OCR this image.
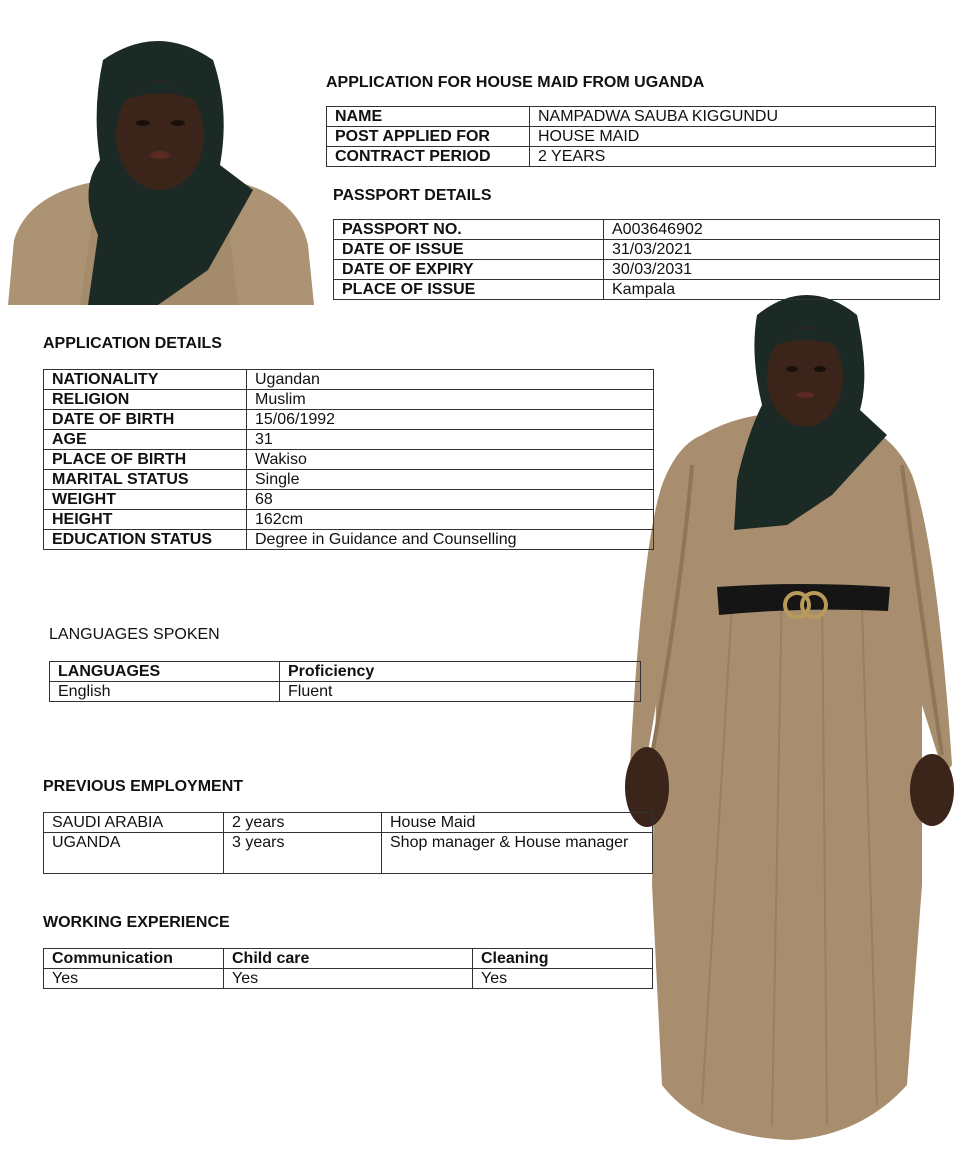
APPLICATION FOR HOUSE MAID FROM UGANDA
NAME	NAMPADWA SAUBA KIGGUNDU
POST APPLIED FOR	HOUSE MAID
CONTRACT PERIOD	2 YEARS
PASSPORT DETAILS
PASSPORT NO.	A003646902
DATE OF ISSUE	31/03/2021
DATE OF EXPIRY	30/03/2031
PLACE OF ISSUE	Kampala
APPLICATION DETAILS
NATIONALITY	Ugandan
RELIGION	Muslim
DATE OF BIRTH	15/06/1992
AGE	31
PLACE OF BIRTH	Wakiso
MARITAL STATUS	Single
WEIGHT	68
HEIGHT	162cm
EDUCATION STATUS	Degree in Guidance and Counselling
LANGUAGES SPOKEN
LANGUAGES	Proficiency
English	Fluent
PREVIOUS EMPLOYMENT
SAUDI ARABIA	2 years	House Maid
UGANDA	3 years	Shop manager & House manager
WORKING EXPERIENCE
Communication	Child care	Cleaning
Yes	Yes	Yes
